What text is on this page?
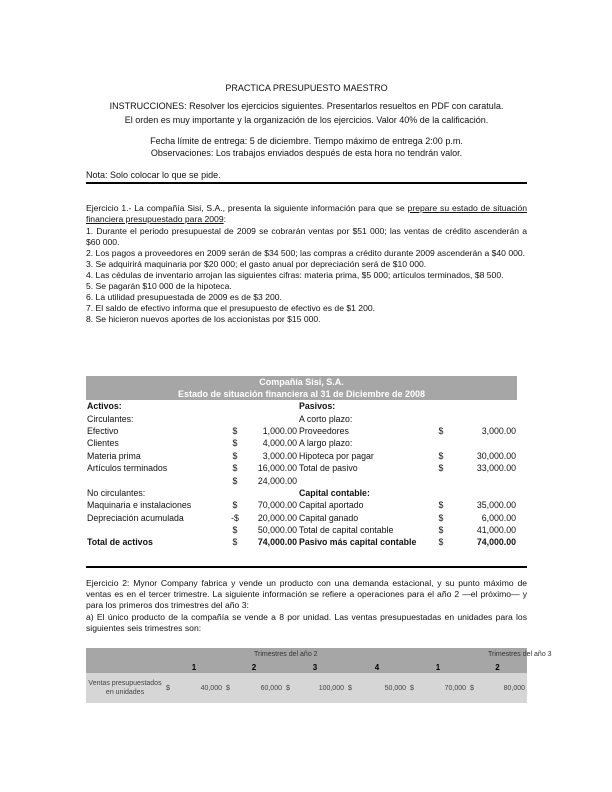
PRACTICA PRESUPUESTO MAESTRO
INSTRUCCIONES: Resolver los ejercicios siguientes. Presentarlos resueltos en PDF con caratula.
El orden es muy importante y la organización de los ejercicios. Valor 40% de la calificación.
Fecha límite de entrega: 5 de diciembre. Tiempo máximo de entrega 2:00 p.m.
Observaciones: Los trabajos enviados después de esta hora no tendrán valor.
Nota: Solo colocar lo que se pide.
Ejercicio 1.- La compañía Sisi, S.A., presenta la siguiente información para que se prepare su estado de situación financiera presupuestado para 2009:
1. Durante el periodo presupuestal de 2009 se cobrarán ventas por $51 000; las ventas de crédito ascenderán a $60 000.
2. Los pagos a proveedores en 2009 serán de $34 500; las compras a crédito durante 2009 ascenderán a $40 000.
3. Se adquirirá maquinaria por $20 000; el gasto anual por depreciación será de $10 000.
4. Las cédulas de inventario arrojan las siguientes cifras: materia prima, $5 000; artículos terminados, $8 500.
5. Se pagarán $10 000 de la hipoteca.
6. La utilidad presupuestada de 2009 es de $3 200.
7. El saldo de efectivo informa que el presupuesto de efectivo es de $1 200.
8. Se hicieron nuevos aportes de los accionistas por $15 000.
Compañía Sisi, S.A.
Estado de situación financiera al 31 de Diciembre de 2008
Activos:			Pasivos:		
Circulantes:			A corto plazo:		
Efectivo	$	1,000.00	Proveedores	$	3,000.00
Clientes	$	4,000.00	A largo plazo:		
Materia prima	$	3,000.00	Hipoteca por pagar	$	30,000.00
Artículos terminados	$	16,000.00	Total de pasivo	$	33,000.00
	$	24,000.00			
No circulantes:			Capital contable:		
Maquinaria e instalaciones	$	70,000.00	Capital aportado	$	35,000.00
Depreciación acumulada	-$	20,000.00	Capital ganado	$	6,000.00
	$	50,000.00	Total de capital contable	$	41,000.00
Total de activos	$	74,000.00	Pasivo más capital contable	$	74,000.00
Ejercicio 2: Mynor Company fabrica y vende un producto con una demanda estacional, y su punto máximo de ventas es en el tercer trimestre. La siguiente información se refiere a operaciones para el año 2 —el próximo— y para los primeros dos trimestres del año 3:
a) El único producto de la compañía se vende a 8 por unidad. Las ventas presupuestadas en unidades para los siguientes seis trimestres son:
		Trimestres del año 2				Trimestres del año 3
	1	2	3	4	1	2
Ventas presupuestados en unidades	$ 40,000	$ 60,000	$ 100,000	$ 50,000	$ 70,000	$ 80,000
